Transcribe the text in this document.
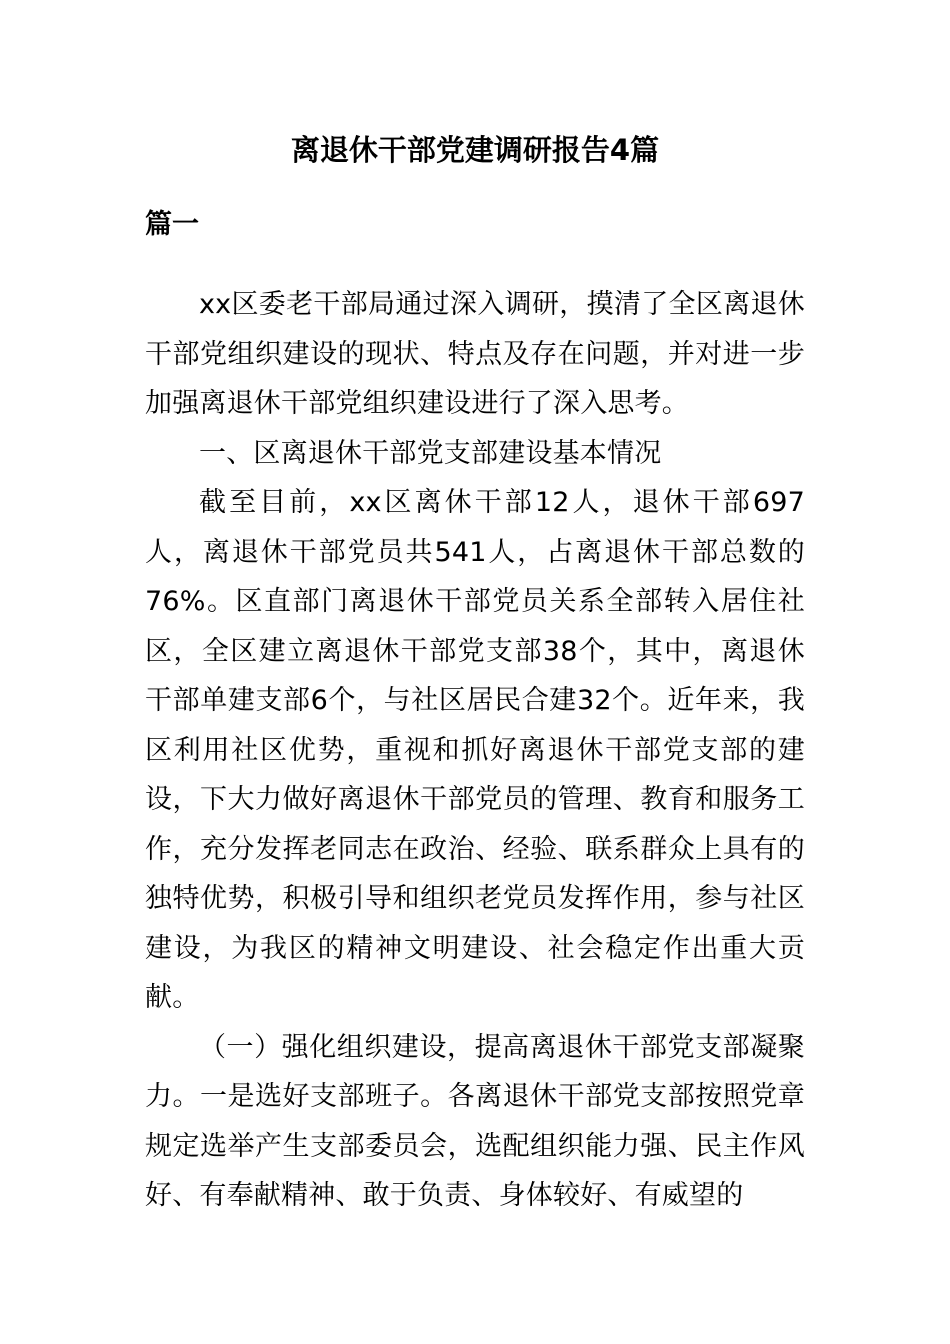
离退休干部党建调研报告4篇
篇一

xx区委老干部局通过深入调研，摸清了全区离退休干部党组织建设的现状、特点及存在问题，并对进一步加强离退休干部党组织建设进行了深入思考。

一、区离退休干部党支部建设基本情况

截至目前，xx区离休干部12人，退休干部697人，离退休干部党员共541人，占离退休干部总数的76%。区直部门离退休干部党员关系全部转入居住社区，全区建立离退休干部党支部38个，其中，离退休干部单建支部6个，与社区居民合建32个。近年来，我区利用社区优势，重视和抓好离退休干部党支部的建设，下大力做好离退休干部党员的管理、教育和服务工作，充分发挥老同志在政治、经验、联系群众上具有的独特优势，积极引导和组织老党员发挥作用，参与社区建设，为我区的精神文明建设、社会稳定作出重大贡献。

（一）强化组织建设，提高离退休干部党支部凝聚力。一是选好支部班子。各离退休干部党支部按照党章规定选举产生支部委员会，选配组织能力强、民主作风好、有奉献精神、敢于负责、身体较好、有威望的
